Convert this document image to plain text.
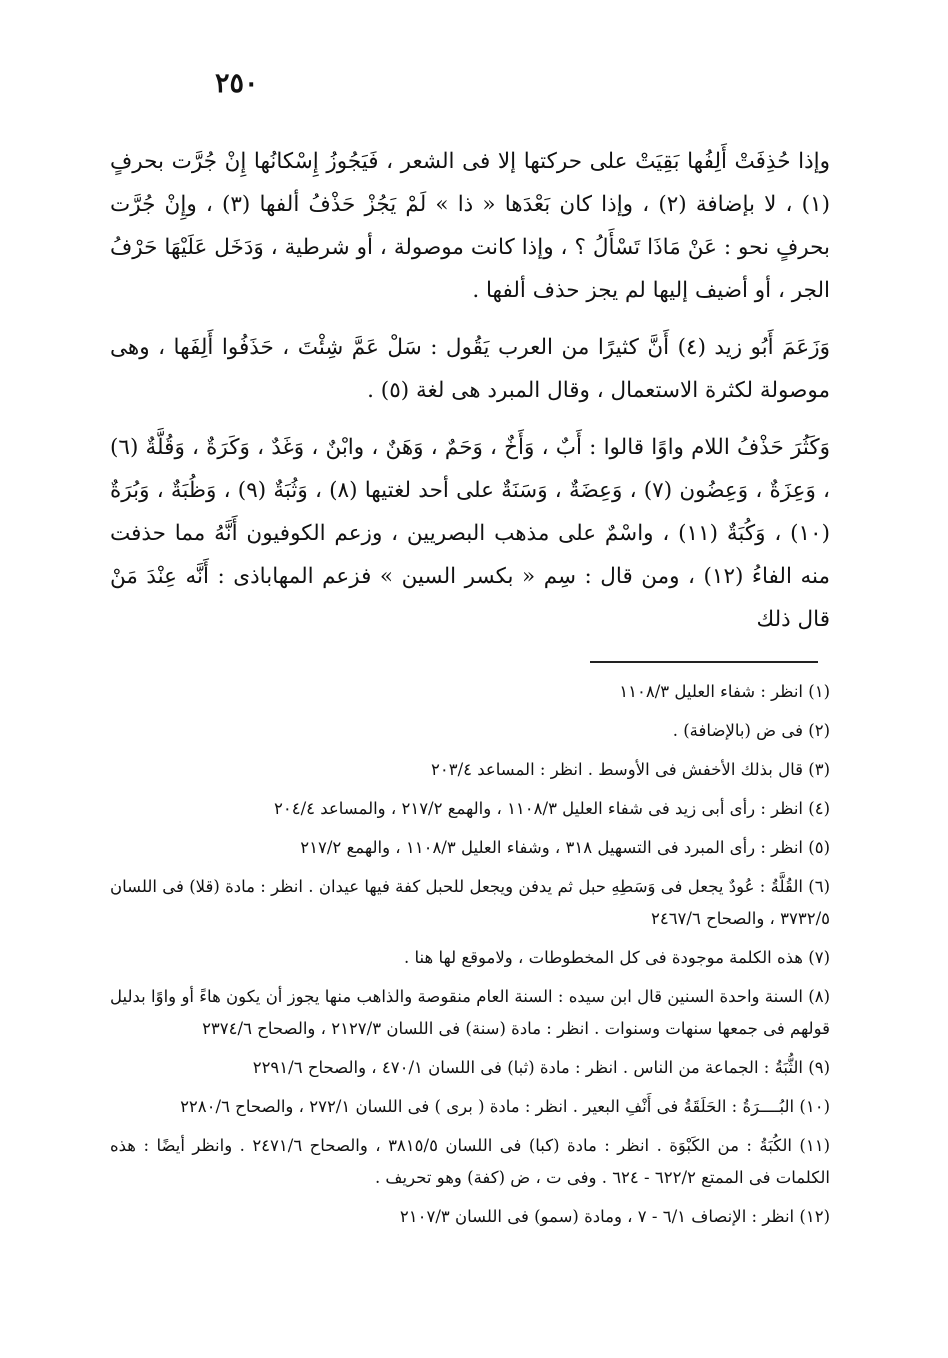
٢٥٠

وإذا حُذِفَتْ أَلِفُها بَقِيَتْ على حركتها إلا فى الشعر ، فَيَجُوزُ إِسْكانُها إِنْ جُرَّت بحرفٍ (١) ، لا بإضافة (٢) ، وإذا كان بَعْدَها « ذا » لَمْ يَجُزْ حَذْفُ ألفها (٣) ، وإِنْ جُرَّت بحرفٍ نحو : عَنْ مَاذَا تَسْأَلُ ؟ ، وإذا كانت موصولة ، أو شرطية ، وَدَخَل عَلَيْهَا حَرْفُ الجر ، أو أضيف إليها لم يجز حذف ألفها .

وَزَعَمَ أَبُو زيد (٤) أَنَّ كثيرًا من العرب يَقُول : سَلْ عَمَّ شِئْتَ ، حَذَفُوا أَلِفَها ، وهى موصولة لكثرة الاستعمال ، وقال المبرد هى لغة (٥) .

وَكَثُرَ حَذْفُ اللام واوًا قالوا : أَبٌ ، وَأَخٌ ، وَحَمٌ ، وَهَنٌ ، وابْنٌ ، وَغَدٌ ، وَكَرَةٌ ، وَقُلَّةٌ (٦) ، وَعِزَةٌ ، وَعِضُون (٧) ، وَعِضَةٌ ، وَسَنَةٌ على أحد لغتيها (٨) ، وَثُبَةٌ (٩) ، وَظُبَةٌ ، وَبُرَةٌ (١٠) ، وَكُبَةٌ (١١) ، واسْمٌ على مذهب البصريين ، وزعم الكوفيون أَنَّهُ مما حذفت منه الفاءُ (١٢) ، ومن قال : سِم « بكسر السين » فزعم المهاباذى : أَنَّه عِنْدَ مَنْ قال ذلك

(١) انظر : شفاء العليل ١١٠٨/٣

(٢) فى ض (بالإضافة) .

(٣) قال بذلك الأخفش فى الأوسط . انظر : المساعد ٢٠٣/٤

(٤) انظر : رأى أبى زيد فى شفاء العليل ١١٠٨/٣ ، والهمع ٢١٧/٢ ، والمساعد ٢٠٤/٤

(٥) انظر : رأى المبرد فى التسهيل ٣١٨ ، وشفاء العليل ١١٠٨/٣ ، والهمع ٢١٧/٢

(٦) القُلَّةُ : عُودٌ يجعل فى وَسَطِهِ حبل ثم يدفن ويجعل للحبل كفة فيها عيدان . انظر : مادة (قلا) فى اللسان ٣٧٣٢/٥ ، والصحاح ٢٤٦٧/٦

(٧) هذه الكلمة موجودة فى كل المخطوطات ، ولاموقع لها هنا .

(٨) السنة واحدة السنين قال ابن سيده : السنة العام منقوصة والذاهب منها يجوز أن يكون هاءً أو واوًا بدليل قولهم فى جمعها سنهات وسنوات . انظر : مادة (سنة) فى اللسان ٢١٢٧/٣ ، والصحاح ٢٣٧٤/٦

(٩) الثُّبَةُ : الجماعة من الناس . انظر : مادة (ثبا) فى اللسان ٤٧٠/١ ، والصحاح ٢٢٩١/٦

(١٠) البُــــرَةُ : الحَلَقَةُ فى أَنْفِ البعير . انظر : مادة ( برى ) فى اللسان ٢٧٢/١ ، والصحاح ٢٢٨٠/٦

(١١) الكُبَةُ : من الكَبْوَة . انظر : مادة (كبا) فى اللسان ٣٨١٥/٥ ، والصحاح ٢٤٧١/٦ . وانظر أيضًا : هذه الكلمات فى الممتع ٦٢٢/٢ - ٦٢٤ . وفى ت ، ض (كفة) وهو تحريف .

(١٢) انظر : الإنصاف ٦/١ - ٧ ، ومادة (سمو) فى اللسان ٢١٠٧/٣
